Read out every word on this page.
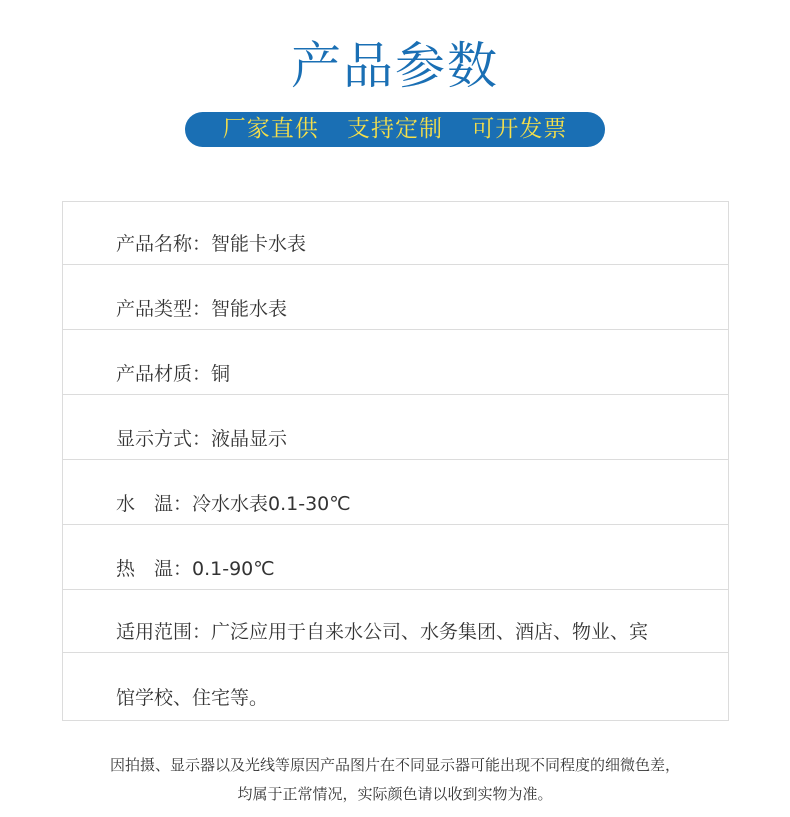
产品参数
厂家直供 支持定制 可开发票
产品名称：智能卡水表
产品类型：智能水表
产品材质：铜
显示方式：液晶显示
水　温：冷水水表0.1-30℃
热　温：0.1-90℃
适用范围：广泛应用于自来水公司、水务集团、酒店、物业、宾
馆学校、住宅等。

因拍摄、显示器以及光线等原因产品图片在不同显示器可能出现不同程度的细微色差，

均属于正常情况，实际颜色请以收到实物为准。
